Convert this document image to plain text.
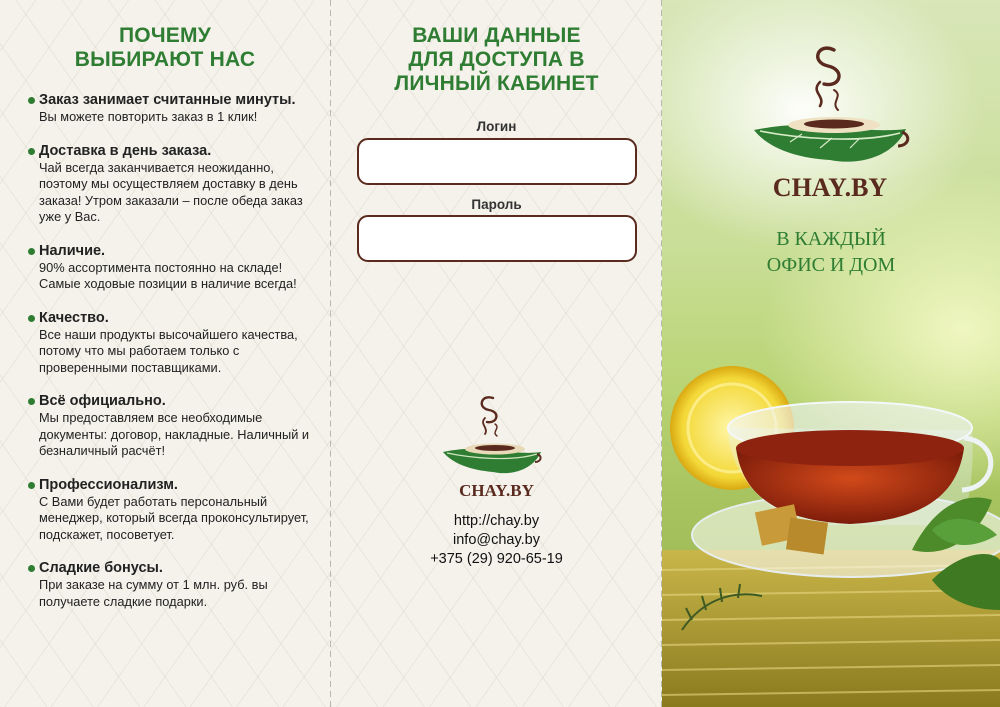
ПОЧЕМУ
ВЫБИРАЮТ НАС
Заказ занимает считанные минуты.
Вы можете повторить заказ в 1 клик!
Доставка в день заказа.
Чай всегда заканчивается неожиданно, поэтому мы осуществляем доставку в день заказа! Утром заказали – после обеда заказ уже у Вас.
Наличие.
90% ассортимента постоянно на складе! Самые ходовые позиции в наличие всегда!
Качество.
Все наши продукты высочайшего качества, потому что мы работаем только с проверенными поставщиками.
Всё официально.
Мы предоставляем все необходимые документы: договор, накладные. Наличный и безналичный расчёт!
Профессионализм.
С Вами будет работать персональный менеджер, который всегда проконсультирует, подскажет, посоветует.
Сладкие бонусы.
При заказе на сумму от 1 млн. руб. вы получаете сладкие подарки.
ВАШИ ДАННЫЕ
ДЛЯ ДОСТУПА В
ЛИЧНЫЙ КАБИНЕТ
Логин
Пароль
CHAY.BY
http://chay.by
info@chay.by
+375 (29) 920-65-19
CHAY.BY
В КАЖДЫЙ
ОФИС И ДОМ
